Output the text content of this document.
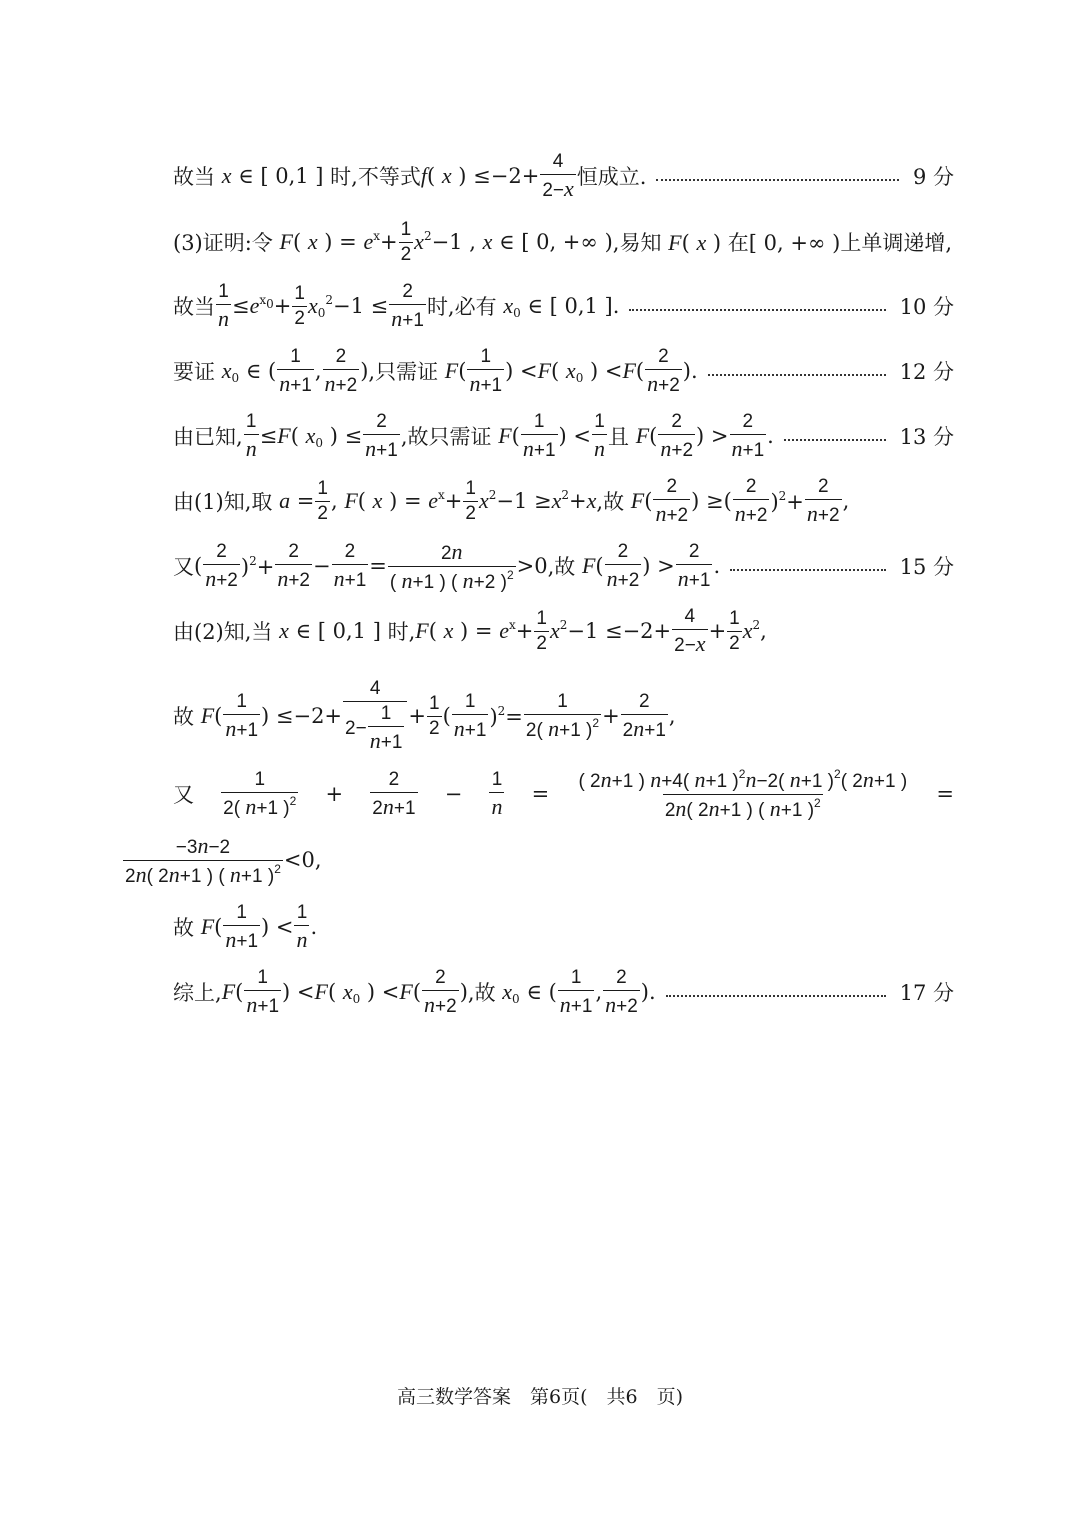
故当 x ∈ [ 0,1 ] 时,不等式 f( x ) $\le-2+ \frac{4}{2-x}$ 恒成立.	9 分
(3)证明:令 F( x ) = $e^x+ \frac{1}{2} x^2-1$ , x ∈ [ 0, +∞ ) ,易知 F( x ) 在[ 0, +∞ ) 上单调递增,
故当 $\frac{1}{n} \le e^{x_0}+ \frac{1}{2} x_0^2-1 \le \frac{2}{n+1}$ 时,必有 $x_0$ ∈ [ 0,1 ].	10 分
要证 $x_0$ ∈ ( $\frac{1}{n+1}$ , $\frac{2}{n+2}$ ) ,只需证 $F( \frac{1}{n+1}$ ) <F( $x_0$ ) $<F( \frac{2}{n+2}$ ).	12 分
由已知, $\frac{1}{n} \le F$( $x_0$ ) ≤ $\frac{2}{n+1}$ ,故只需证 $F( \frac{1}{n+1}$ ) < $\frac{1}{n}$ 且 $F( \frac{2}{n+2}$ ) > $\frac{2}{n+1}$ .	13 分
由(1)知,取 $a = \frac{1}{2}$ , F( x ) = $e^x+ \frac{1}{2} x^2-1 \ge x^2+x$ ,故 $F( \frac{2}{n+2}$ ) ≥( $\frac{2}{n+2} )^2+ \frac{2}{n+2}$ ,
又 ( $\frac{2}{n+2} )^2+ \frac{2}{n+2} - \frac{2}{n+1} = \frac{2n}{( n+1 ) ( n+2 )^2} >0$ ,故 $F( \frac{2}{n+2}$ ) > $\frac{2}{n+1}$ .	15 分
由(2)知,当 x ∈ [ 0,1 ] 时, F( x ) = $e^x+ \frac{1}{2} x^2-1 \le-2+ \frac{4}{2-x} + \frac{1}{2} x^2$,
故 $F( \frac{1}{n+1}$ ) $\le-2+ \frac{4}{2- \frac{1}{n+1}} + \frac{1}{2}$ ( $\frac{1}{n+1} )^2= \frac{1}{2( n+1 )^2} + \frac{2}{2n+1}$ ,
又 $\frac{1}{2( n+1 )^2} + \frac{2}{2n+1} - \frac{1}{n} = \frac{( 2n+1 ) n+4( n+1 )^2n-2( n+1 )^2( 2n+1 )}{2n( 2n+1 ) ( n+1 )^2}$ =
$\frac{-3n-2}{2n( 2n+1 ) ( n+1 )^2} <0$,
故 $F( \frac{1}{n+1}$ ) < $\frac{1}{n}$ .
综上, $F( \frac{1}{n+1}$ ) <F( $x_0$ ) $<F( \frac{2}{n+2}$ ) ,故 $x_0$ ∈ ( $\frac{1}{n+1}$ , $\frac{2}{n+2}$ ).	17 分
高三数学答案　第6页(　共6　页)
